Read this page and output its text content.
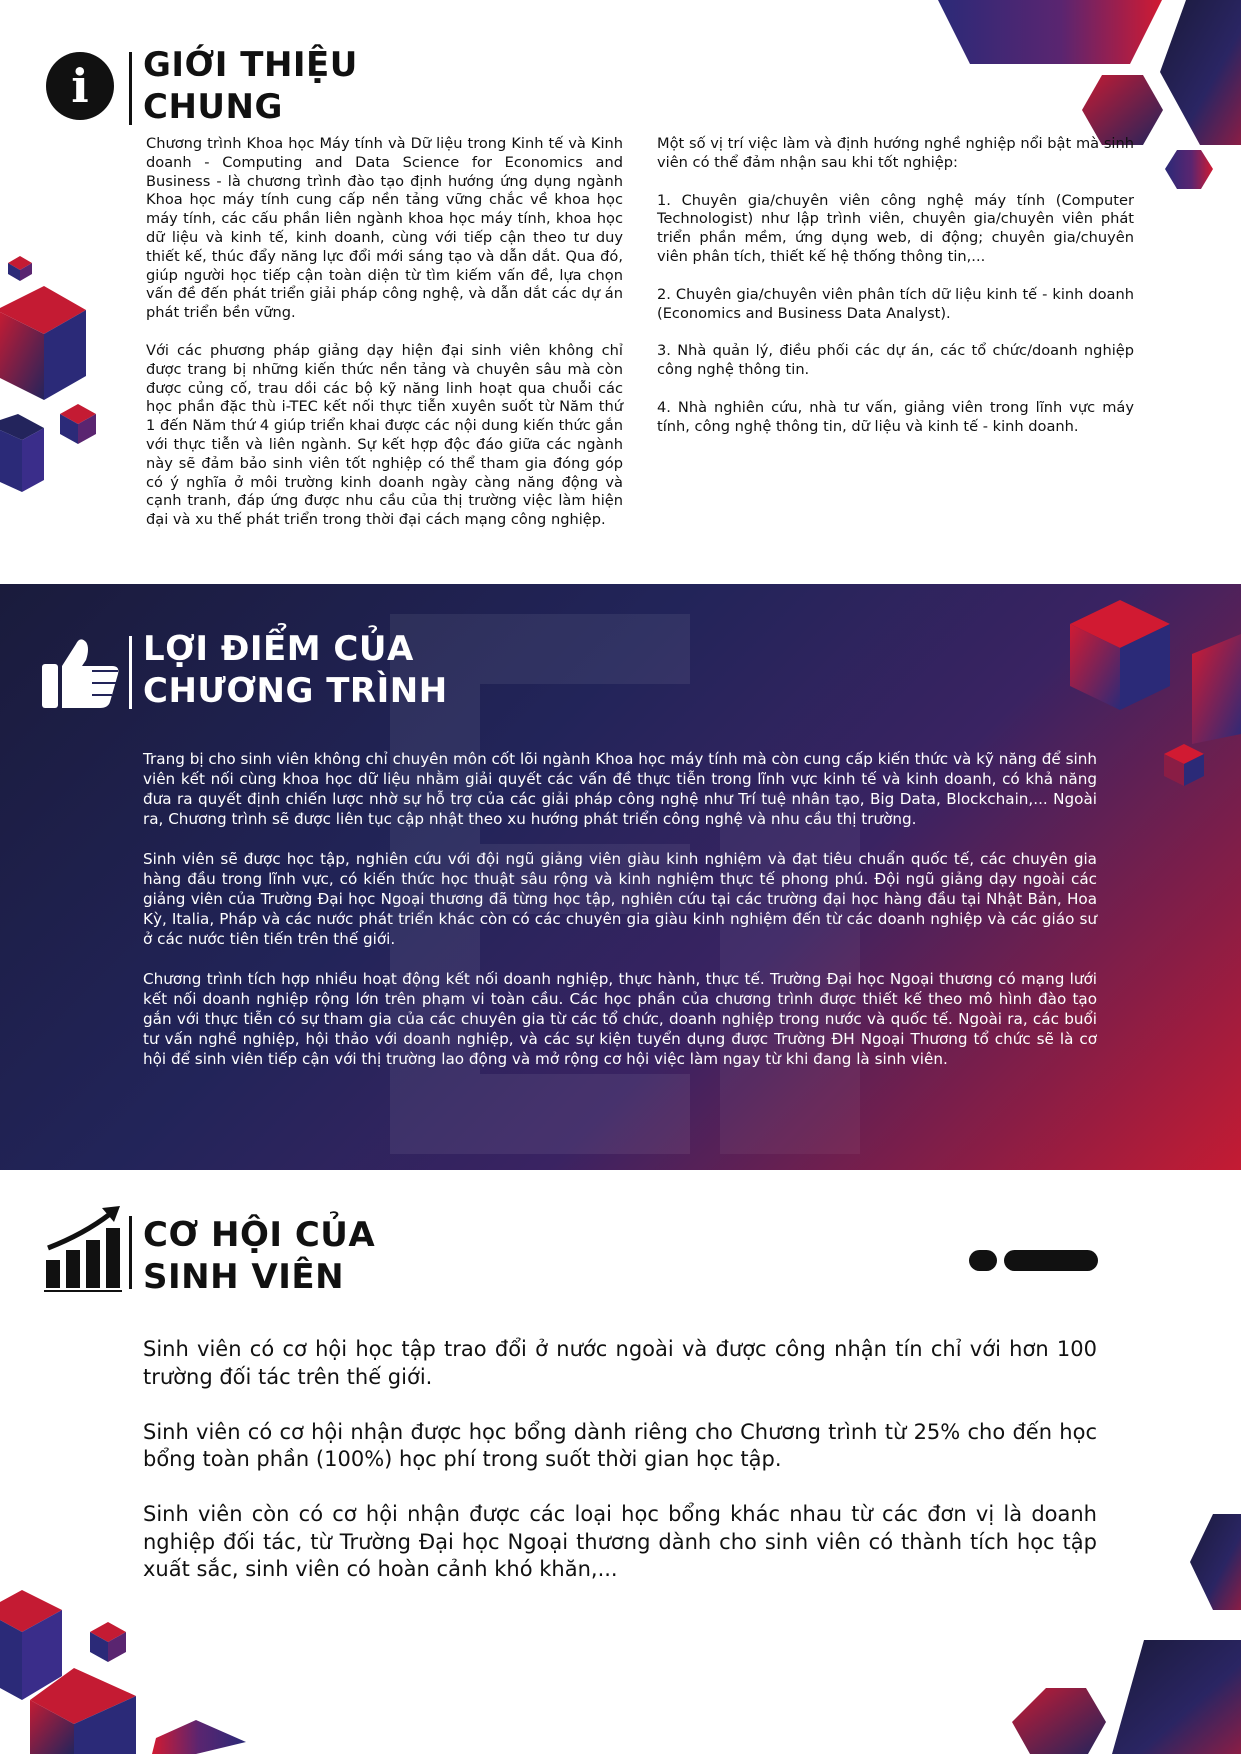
i	GIỚI THIỆU
CHUNG

Chương trình Khoa học Máy tính và Dữ liệu trong Kinh tế và Kinh doanh - Computing and Data Science for Economics and Business - là chương trình đào tạo định hướng ứng dụng ngành Khoa học máy tính cung cấp nền tảng vững chắc về khoa học máy tính, các cấu phần liên ngành khoa học máy tính, khoa học dữ liệu và kinh tế, kinh doanh, cùng với tiếp cận theo tư duy thiết kế, thúc đẩy năng lực đổi mới sáng tạo và dẫn dắt. Qua đó, giúp người học tiếp cận toàn diện từ tìm kiếm vấn đề, lựa chọn vấn đề đến phát triển giải pháp công nghệ, và dẫn dắt các dự án phát triển bền vững.

Với các phương pháp giảng dạy hiện đại sinh viên không chỉ được trang bị những kiến thức nền tảng và chuyên sâu mà còn được củng cố, trau dồi các bộ kỹ năng linh hoạt qua chuỗi các học phần đặc thù i-TEC kết nối thực tiễn xuyên suốt từ Năm thứ 1 đến Năm thứ 4 giúp triển khai được các nội dung kiến thức gắn với thực tiễn và liên ngành. Sự kết hợp độc đáo giữa các ngành này sẽ đảm bảo sinh viên tốt nghiệp có thể tham gia đóng góp có ý nghĩa ở môi trường kinh doanh ngày càng năng động và cạnh tranh, đáp ứng được nhu cầu của thị trường việc làm hiện đại và xu thế phát triển trong thời đại cách mạng công nghiệp.

Một số vị trí việc làm và định hướng nghề nghiệp nổi bật mà sinh viên có thể đảm nhận sau khi tốt nghiệp:

1. Chuyên gia/chuyên viên công nghệ máy tính (Computer Technologist) như lập trình viên, chuyên gia/chuyên viên phát triển phần mềm, ứng dụng web, di động; chuyên gia/chuyên viên phân tích, thiết kế hệ thống thông tin,...

2. Chuyên gia/chuyên viên phân tích dữ liệu kinh tế - kinh doanh (Economics and Business Data Analyst).

3. Nhà quản lý, điều phối các dự án, các tổ chức/doanh nghiệp công nghệ thông tin.

4. Nhà nghiên cứu, nhà tư vấn, giảng viên trong lĩnh vực máy tính, công nghệ thông tin, dữ liệu và kinh tế - kinh doanh.

LỢI ĐIỂM CỦA
CHƯƠNG TRÌNH

Trang bị cho sinh viên không chỉ chuyên môn cốt lõi ngành Khoa học máy tính mà còn cung cấp kiến thức và kỹ năng để sinh viên kết nối cùng khoa học dữ liệu nhằm giải quyết các vấn đề thực tiễn trong lĩnh vực kinh tế và kinh doanh, có khả năng đưa ra quyết định chiến lược nhờ sự hỗ trợ của các giải pháp công nghệ như Trí tuệ nhân tạo, Big Data, Blockchain,... Ngoài ra, Chương trình sẽ được liên tục cập nhật theo xu hướng phát triển công nghệ và nhu cầu thị trường.

Sinh viên sẽ được học tập, nghiên cứu với đội ngũ giảng viên giàu kinh nghiệm và đạt tiêu chuẩn quốc tế, các chuyên gia hàng đầu trong lĩnh vực, có kiến thức học thuật sâu rộng và kinh nghiệm thực tế phong phú. Đội ngũ giảng dạy ngoài các giảng viên của Trường Đại học Ngoại thương đã từng học tập, nghiên cứu tại các trường đại học hàng đầu tại Nhật Bản, Hoa Kỳ, Italia, Pháp và các nước phát triển khác còn có các chuyên gia giàu kinh nghiệm đến từ các doanh nghiệp và các giáo sư ở các nước tiên tiến trên thế giới.

Chương trình tích hợp nhiều hoạt động kết nối doanh nghiệp, thực hành, thực tế. Trường Đại học Ngoại thương có mạng lưới kết nối doanh nghiệp rộng lớn trên phạm vi toàn cầu. Các học phần của chương trình được thiết kế theo mô hình đào tạo gắn với thực tiễn có sự tham gia của các chuyên gia từ các tổ chức, doanh nghiệp trong nước và quốc tế. Ngoài ra, các buổi tư vấn nghề nghiệp, hội thảo với doanh nghiệp, và các sự kiện tuyển dụng được Trường ĐH Ngoại Thương tổ chức sẽ là cơ hội để sinh viên tiếp cận với thị trường lao động và mở rộng cơ hội việc làm ngay từ khi đang là sinh viên.

CƠ HỘI CỦA
SINH VIÊN

Sinh viên có cơ hội học tập trao đổi ở nước ngoài và được công nhận tín chỉ với hơn 100 trường đối tác trên thế giới.

Sinh viên có cơ hội nhận được học bổng dành riêng cho Chương trình từ 25% cho đến học bổng toàn phần (100%) học phí trong suốt thời gian học tập.

Sinh viên còn có cơ hội nhận được các loại học bổng khác nhau từ các đơn vị là doanh nghiệp đối tác, từ Trường Đại học Ngoại thương dành cho sinh viên có thành tích học tập xuất sắc, sinh viên có hoàn cảnh khó khăn,...
